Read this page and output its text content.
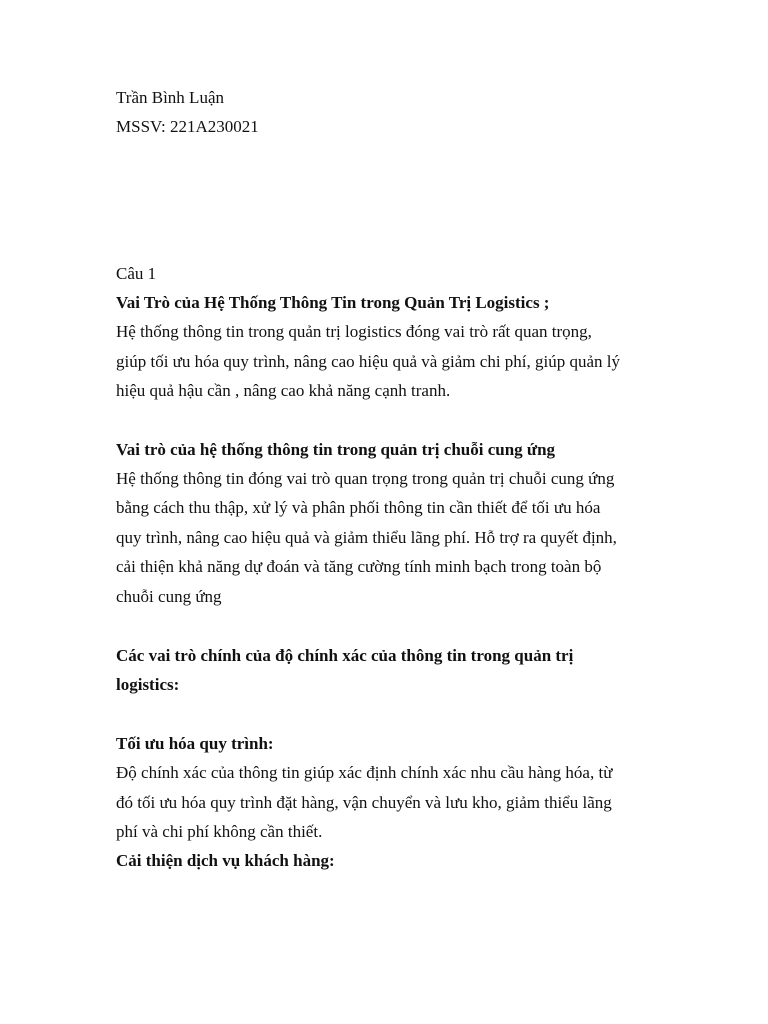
Trần Bình Luận
MSSV: 221A230021
Câu 1
Vai Trò của Hệ Thống Thông Tin trong Quản Trị Logistics ;
Hệ thống thông tin trong quản trị logistics đóng vai trò rất quan trọng,
giúp tối ưu hóa quy trình, nâng cao hiệu quả và giảm chi phí, giúp quản lý
hiệu quả hậu cần , nâng cao khả năng cạnh tranh.
Vai trò của hệ thống thông tin trong quản trị chuỗi cung ứng
Hệ thống thông tin đóng vai trò quan trọng trong quản trị chuỗi cung ứng
bằng cách thu thập, xử lý và phân phối thông tin cần thiết để tối ưu hóa
quy trình, nâng cao hiệu quả và giảm thiểu lãng phí. Hỗ trợ ra quyết định,
cải thiện khả năng dự đoán và tăng cường tính minh bạch trong toàn bộ
chuỗi cung ứng
Các vai trò chính của độ chính xác của thông tin trong quản trị
logistics:
Tối ưu hóa quy trình:
Độ chính xác của thông tin giúp xác định chính xác nhu cầu hàng hóa, từ
đó tối ưu hóa quy trình đặt hàng, vận chuyển và lưu kho, giảm thiểu lãng
phí và chi phí không cần thiết.
Cải thiện dịch vụ khách hàng:
